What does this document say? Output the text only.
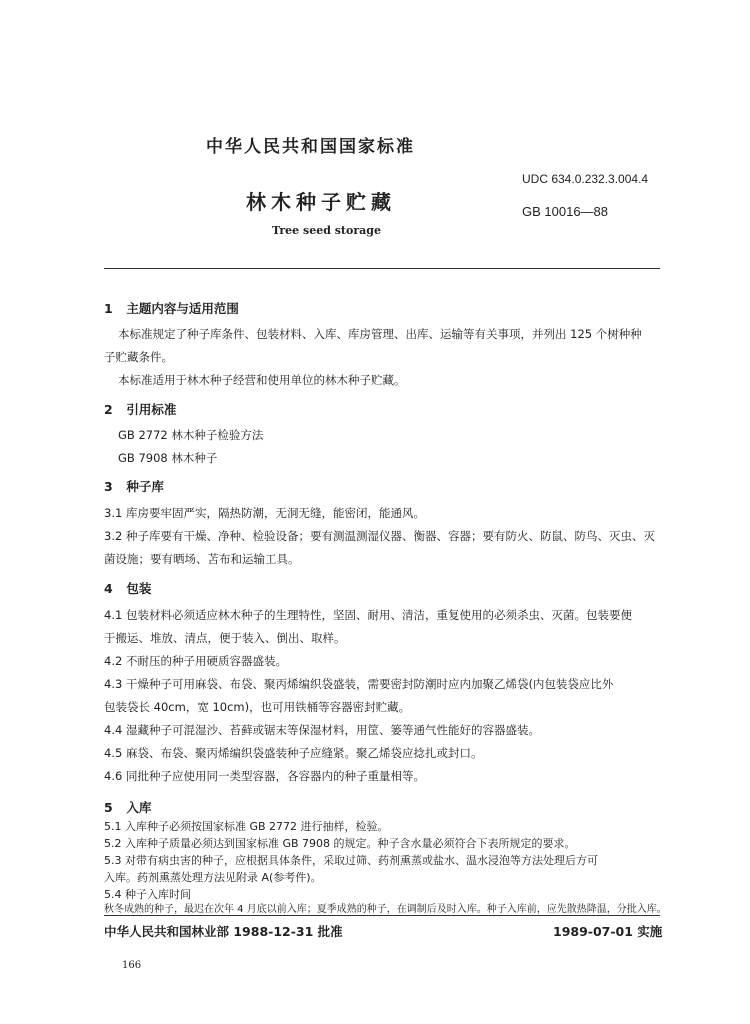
中华人民共和国国家标准
UDC 634.0.232.3.004.4
林木种子贮藏	GB 10016—88
Tree seed storage
1 主题内容与适用范围
本标准规定了种子库条件、包装材料、入库、库房管理、出库、运输等有关事项，并列出 125 个树种种
子贮藏条件。
本标准适用于林木种子经营和使用单位的林木种子贮藏。
2 引用标准
GB 2772 林木种子检验方法
GB 7908 林木种子
3 种子库
3.1 库房要牢固严实，隔热防潮，无洞无缝，能密闭，能通风。
3.2 种子库要有干燥、净种、检验设备；要有测温测湿仪器、衡器、容器；要有防火、防鼠、防鸟、灭虫、灭
菌设施；要有晒场、苫布和运输工具。
4 包装
4.1 包装材料必须适应林木种子的生理特性，坚固、耐用、清洁，重复使用的必须杀虫、灭菌。包装要便
于搬运、堆放、清点，便于装入、倒出、取样。
4.2 不耐压的种子用硬质容器盛装。
4.3 干燥种子可用麻袋、布袋、聚丙烯编织袋盛装，需要密封防潮时应内加聚乙烯袋(内包装袋应比外
包装袋长 40cm，宽 10cm)，也可用铁桶等容器密封贮藏。
4.4 湿藏种子可混湿沙、苔藓或锯末等保湿材料，用筐、篓等通气性能好的容器盛装。
4.5 麻袋、布袋、聚丙烯编织袋盛装种子应缝紧。聚乙烯袋应捻扎或封口。
4.6 同批种子应使用同一类型容器，各容器内的种子重量相等。
5 入库
5.1 入库种子必须按国家标准 GB 2772 进行抽样，检验。
5.2 入库种子质量必须达到国家标准 GB 7908 的规定。种子含水量必须符合下表所规定的要求。
5.3 对带有病虫害的种子，应根据具体条件，采取过筛、药剂熏蒸或盐水、温水浸泡等方法处理后方可
入库。药剂熏蒸处理方法见附录 A(参考件)。
中华人民共和国林业部 1988-12-31 批准	1989-07-01 实施
166
5.4 种子入库时间
秋冬成熟的种子，最迟在次年 4 月底以前入库；夏季成熟的种子，在调制后及时入库。种子入库前，应先散热降温，分批入库。
